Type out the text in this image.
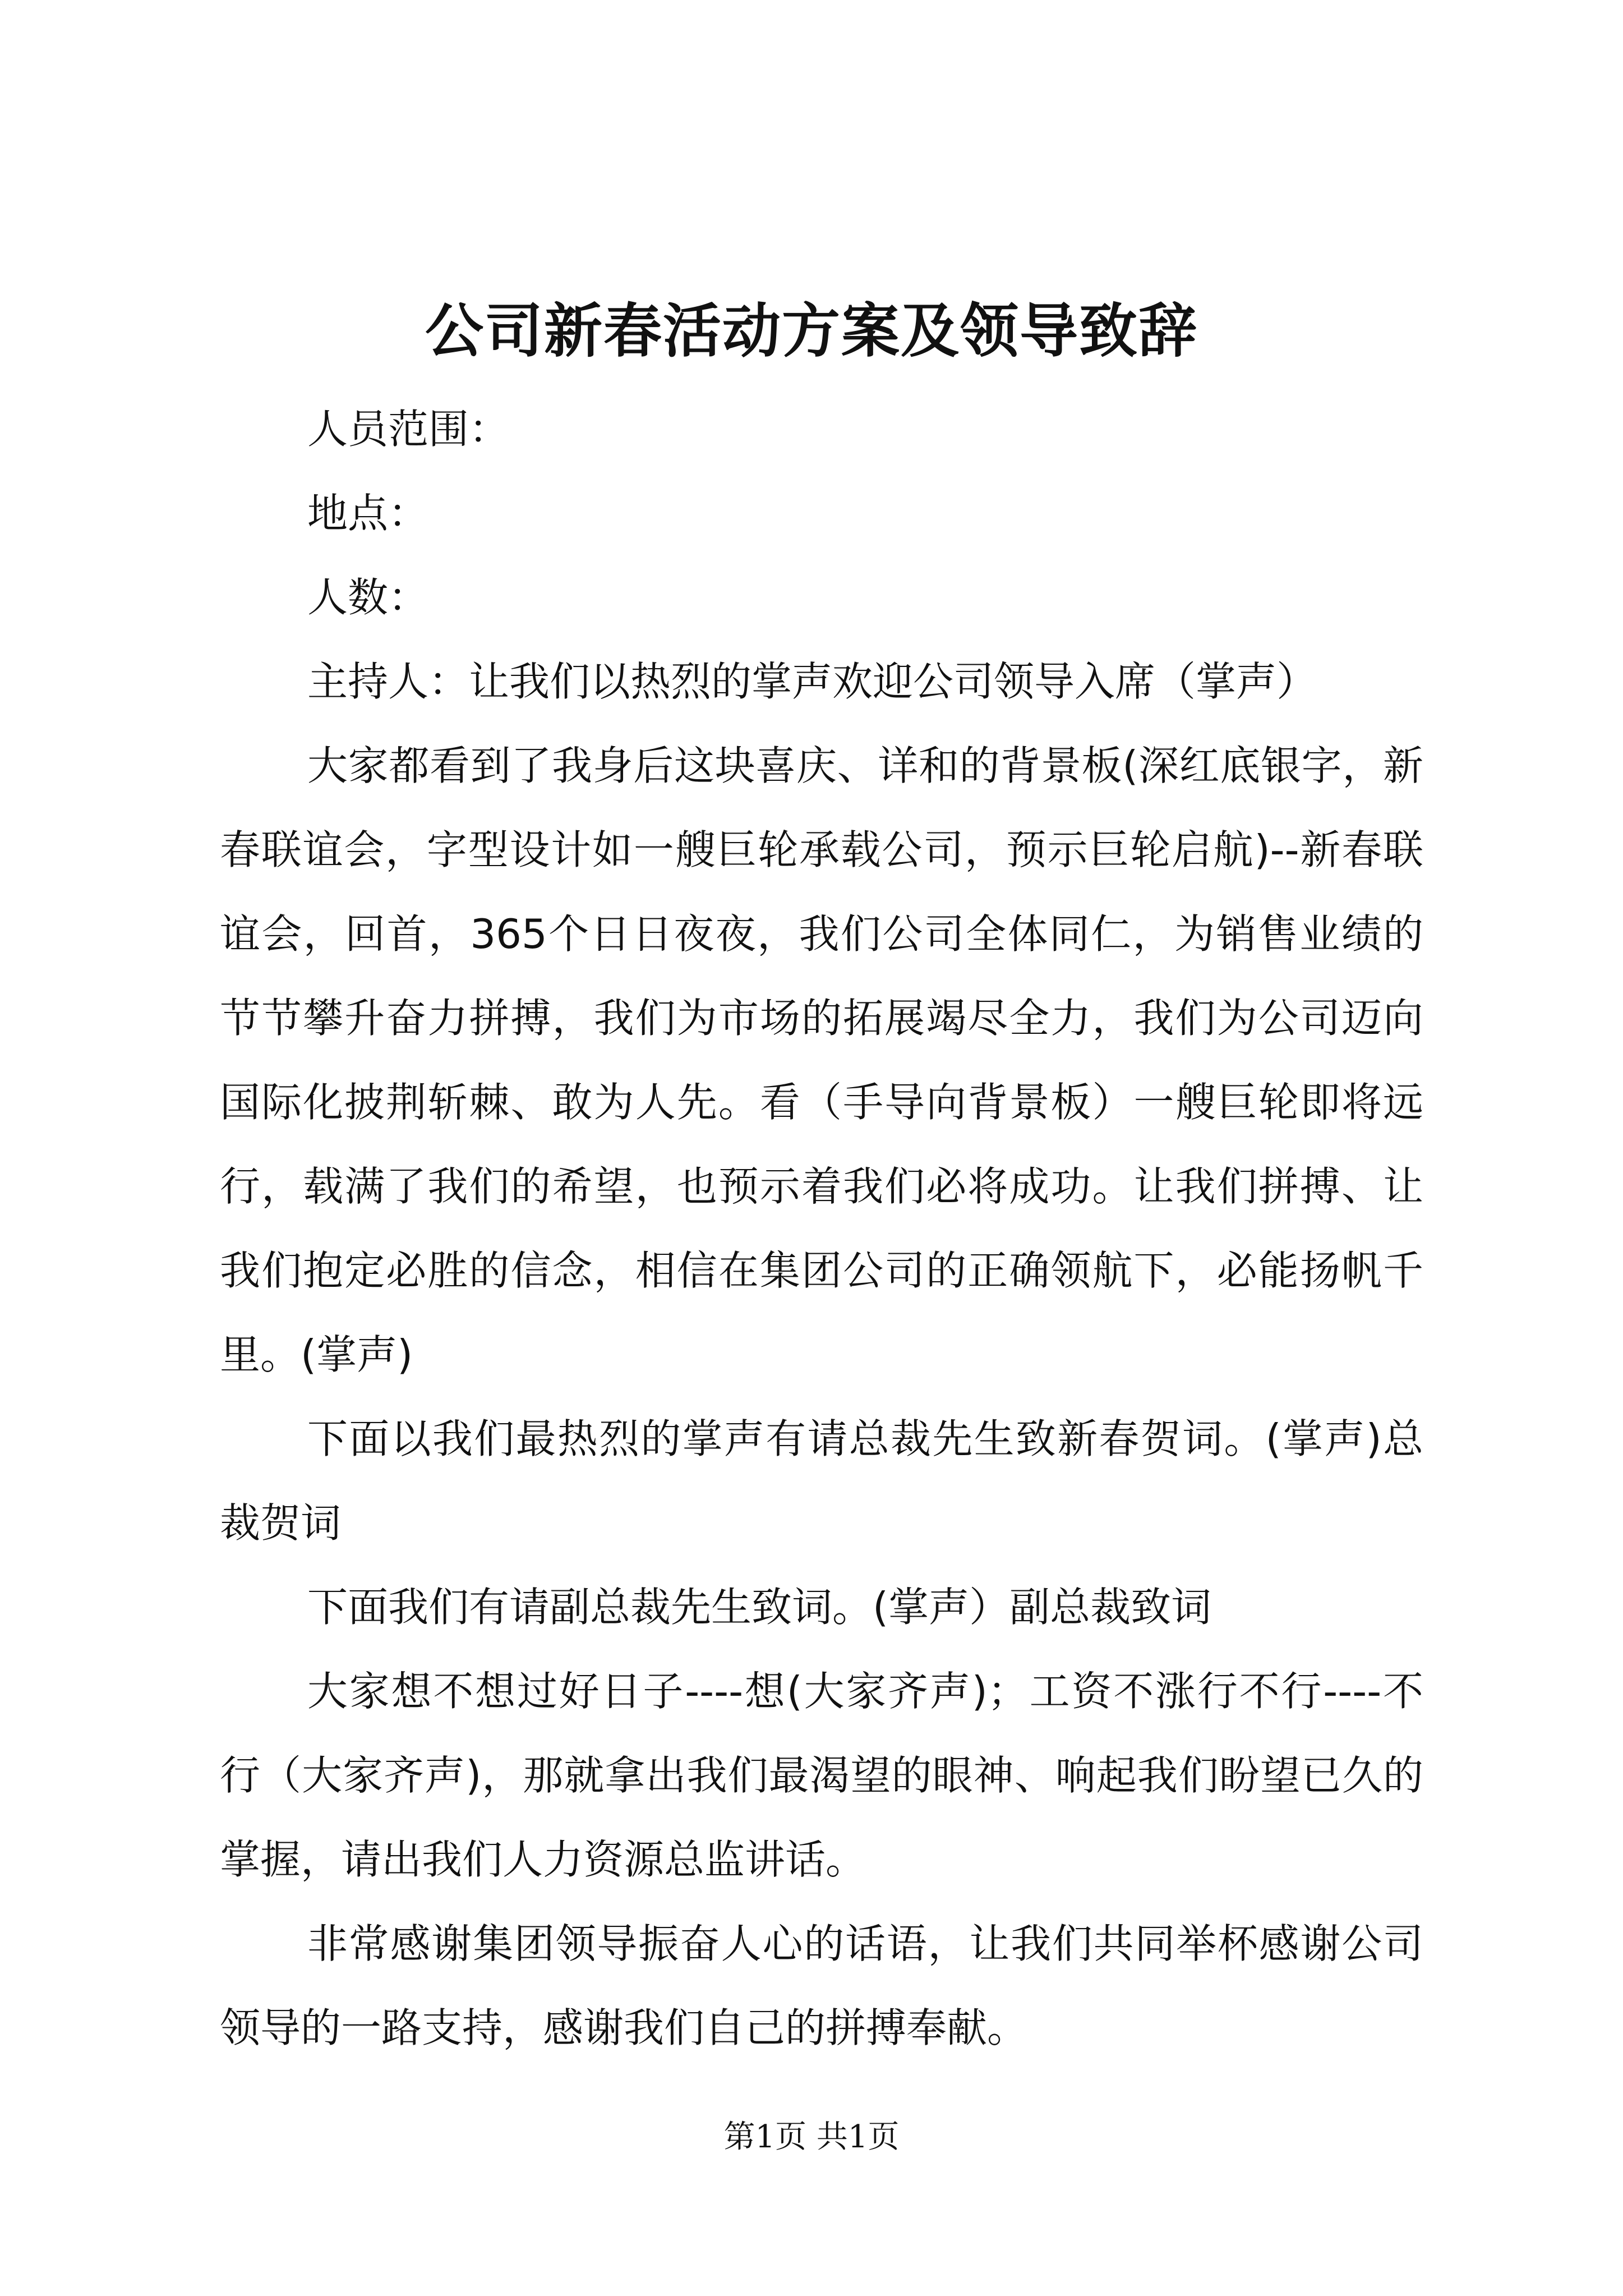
公司新春活动方案及领导致辞

人员范围：

地点：

人数：

主持人：让我们以热烈的掌声欢迎公司领导入席（掌声）

大家都看到了我身后这块喜庆、详和的背景板(深红底银字，新春联谊会，字型设计如一艘巨轮承载公司，预示巨轮启航)--新春联谊会，回首，365个日日夜夜，我们公司全体同仁，为销售业绩的节节攀升奋力拼搏，我们为市场的拓展竭尽全力，我们为公司迈向国际化披荆斩棘、敢为人先。看（手导向背景板）一艘巨轮即将远行，载满了我们的希望，也预示着我们必将成功。让我们拼搏、让我们抱定必胜的信念，相信在集团公司的正确领航下，必能扬帆千里。(掌声)

下面以我们最热烈的掌声有请总裁先生致新春贺词。(掌声)总裁贺词

下面我们有请副总裁先生致词。(掌声）副总裁致词

大家想不想过好日子----想(大家齐声)；工资不涨行不行----不行（大家齐声)，那就拿出我们最渴望的眼神、响起我们盼望已久的掌握，请出我们人力资源总监讲话。

非常感谢集团领导振奋人心的话语，让我们共同举杯感谢公司领导的一路支持，感谢我们自己的拼搏奉献。

第1页 共1页
